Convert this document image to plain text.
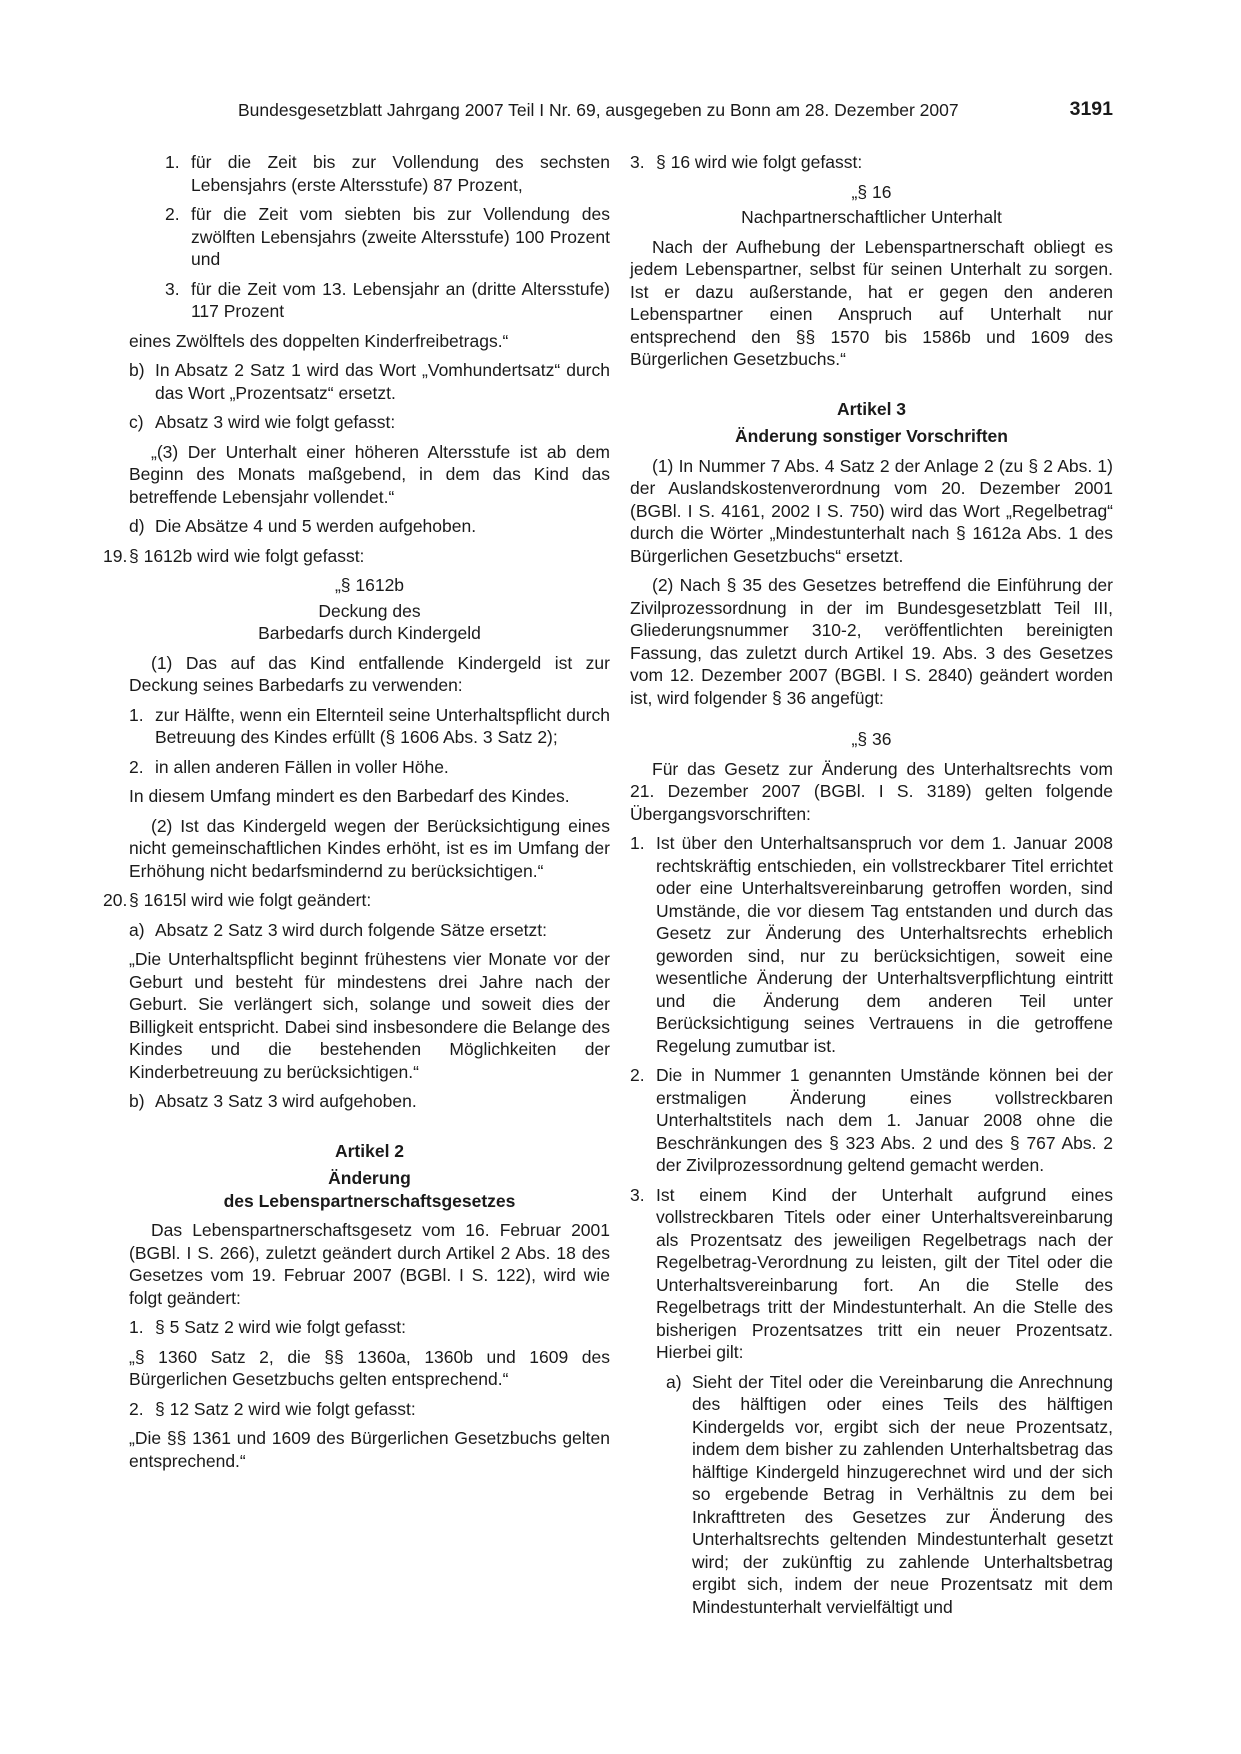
Bundesgesetzblatt Jahrgang 2007 Teil I Nr. 69, ausgegeben zu Bonn am 28. Dezember 2007	3191
1. für die Zeit bis zur Vollendung des sechsten Lebensjahrs (erste Altersstufe) 87 Prozent,
2. für die Zeit vom siebten bis zur Vollendung des zwölften Lebensjahrs (zweite Altersstufe) 100 Prozent und
3. für die Zeit vom 13. Lebensjahr an (dritte Altersstufe) 117 Prozent

eines Zwölftels des doppelten Kinderfreibetrags.“

b) In Absatz 2 Satz 1 wird das Wort „Vomhundertsatz“ durch das Wort „Prozentsatz“ ersetzt.
c) Absatz 3 wird wie folgt gefasst:

„(3) Der Unterhalt einer höheren Altersstufe ist ab dem Beginn des Monats maßgebend, in dem das Kind das betreffende Lebensjahr vollendet.“

d) Die Absätze 4 und 5 werden aufgehoben.
19. § 1612b wird wie folgt gefasst:

„§ 1612b

Deckung des

Barbedarfs durch Kindergeld

(1) Das auf das Kind entfallende Kindergeld ist zur Deckung seines Barbedarfs zu verwenden:

1. zur Hälfte, wenn ein Elternteil seine Unterhaltspflicht durch Betreuung des Kindes erfüllt (§ 1606 Abs. 3 Satz 2);
2. in allen anderen Fällen in voller Höhe.

In diesem Umfang mindert es den Barbedarf des Kindes.

(2) Ist das Kindergeld wegen der Berücksichtigung eines nicht gemeinschaftlichen Kindes erhöht, ist es im Umfang der Erhöhung nicht bedarfsmindernd zu berücksichtigen.“

20. § 1615l wird wie folgt geändert:
a) Absatz 2 Satz 3 wird durch folgende Sätze ersetzt:

„Die Unterhaltspflicht beginnt frühestens vier Monate vor der Geburt und besteht für mindestens drei Jahre nach der Geburt. Sie verlängert sich, solange und soweit dies der Billigkeit entspricht. Dabei sind insbesondere die Belange des Kindes und die bestehenden Möglichkeiten der Kinderbetreuung zu berücksichtigen.“

b) Absatz 3 Satz 3 wird aufgehoben.

Artikel 2

Änderung

des Lebenspartnerschaftsgesetzes

Das Lebenspartnerschaftsgesetz vom 16. Februar 2001 (BGBl. I S. 266), zuletzt geändert durch Artikel 2 Abs. 18 des Gesetzes vom 19. Februar 2007 (BGBl. I S. 122), wird wie folgt geändert:

1. § 5 Satz 2 wird wie folgt gefasst:

„§ 1360 Satz 2, die §§ 1360a, 1360b und 1609 des Bürgerlichen Gesetzbuchs gelten entsprechend.“

2. § 12 Satz 2 wird wie folgt gefasst:

„Die §§ 1361 und 1609 des Bürgerlichen Gesetzbuchs gelten entsprechend.“

3. § 16 wird wie folgt gefasst:

„§ 16

Nachpartnerschaftlicher Unterhalt

Nach der Aufhebung der Lebenspartnerschaft obliegt es jedem Lebenspartner, selbst für seinen Unterhalt zu sorgen. Ist er dazu außerstande, hat er gegen den anderen Lebenspartner einen Anspruch auf Unterhalt nur entsprechend den §§ 1570 bis 1586b und 1609 des Bürgerlichen Gesetzbuchs.“

Artikel 3

Änderung sonstiger Vorschriften

(1) In Nummer 7 Abs. 4 Satz 2 der Anlage 2 (zu § 2 Abs. 1) der Auslandskostenverordnung vom 20. Dezember 2001 (BGBl. I S. 4161, 2002 I S. 750) wird das Wort „Regelbetrag“ durch die Wörter „Mindestunterhalt nach § 1612a Abs. 1 des Bürgerlichen Gesetzbuchs“ ersetzt.

(2) Nach § 35 des Gesetzes betreffend die Einführung der Zivilprozessordnung in der im Bundesgesetzblatt Teil III, Gliederungsnummer 310-2, veröffentlichten bereinigten Fassung, das zuletzt durch Artikel 19. Abs. 3 des Gesetzes vom 12. Dezember 2007 (BGBl. I S. 2840) geändert worden ist, wird folgender § 36 angefügt:

„§ 36

Für das Gesetz zur Änderung des Unterhaltsrechts vom 21. Dezember 2007 (BGBl. I S. 3189) gelten folgende Übergangsvorschriften:

1. Ist über den Unterhaltsanspruch vor dem 1. Januar 2008 rechtskräftig entschieden, ein vollstreckbarer Titel errichtet oder eine Unterhaltsvereinbarung getroffen worden, sind Umstände, die vor diesem Tag entstanden und durch das Gesetz zur Änderung des Unterhaltsrechts erheblich geworden sind, nur zu berücksichtigen, soweit eine wesentliche Änderung der Unterhaltsverpflichtung eintritt und die Änderung dem anderen Teil unter Berücksichtigung seines Vertrauens in die getroffene Regelung zumutbar ist.
2. Die in Nummer 1 genannten Umstände können bei der erstmaligen Änderung eines vollstreckbaren Unterhaltstitels nach dem 1. Januar 2008 ohne die Beschränkungen des § 323 Abs. 2 und des § 767 Abs. 2 der Zivilprozessordnung geltend gemacht werden.
3. Ist einem Kind der Unterhalt aufgrund eines vollstreckbaren Titels oder einer Unterhaltsvereinbarung als Prozentsatz des jeweiligen Regelbetrags nach der Regelbetrag-Verordnung zu leisten, gilt der Titel oder die Unterhaltsvereinbarung fort. An die Stelle des Regelbetrags tritt der Mindestunterhalt. An die Stelle des bisherigen Prozentsatzes tritt ein neuer Prozentsatz. Hierbei gilt:
a) Sieht der Titel oder die Vereinbarung die Anrechnung des hälftigen oder eines Teils des hälftigen Kindergelds vor, ergibt sich der neue Prozentsatz, indem dem bisher zu zahlenden Unterhaltsbetrag das hälftige Kindergeld hinzugerechnet wird und der sich so ergebende Betrag in Verhältnis zu dem bei Inkrafttreten des Gesetzes zur Änderung des Unterhaltsrechts geltenden Mindestunterhalt gesetzt wird; der zukünftig zu zahlende Unterhaltsbetrag ergibt sich, indem der neue Prozentsatz mit dem Mindestunterhalt vervielfältigt und
